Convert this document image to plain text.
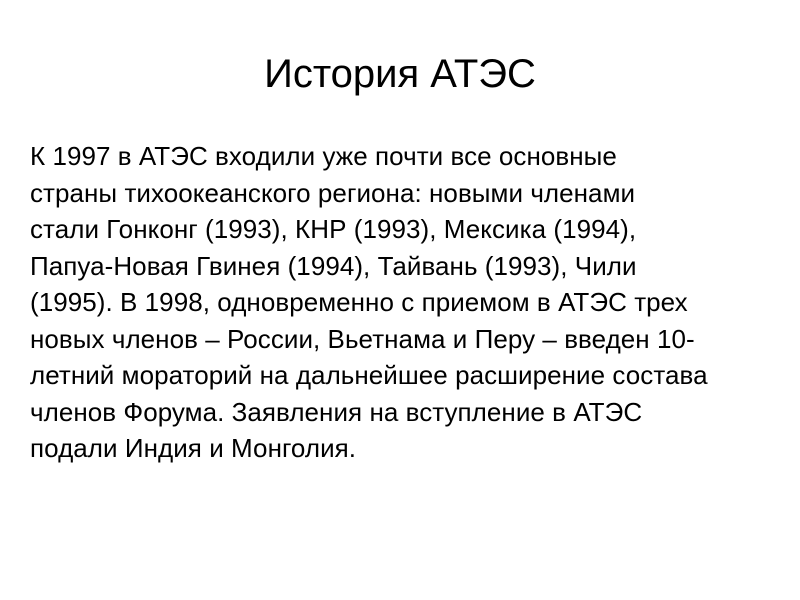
История АТЭС

К 1997 в АТЭС входили уже почти все основные
страны тихоокеанского региона: новыми членами
стали Гонконг (1993), КНР (1993), Мексика (1994),
Папуа-Новая Гвинея (1994), Тайвань (1993), Чили
(1995). В 1998, одновременно с приемом в АТЭС трех
новых членов – России, Вьетнама и Перу – введен 10-
летний мораторий на дальнейшее расширение состава
членов Форума. Заявления на вступление в АТЭС
подали Индия и Монголия.
